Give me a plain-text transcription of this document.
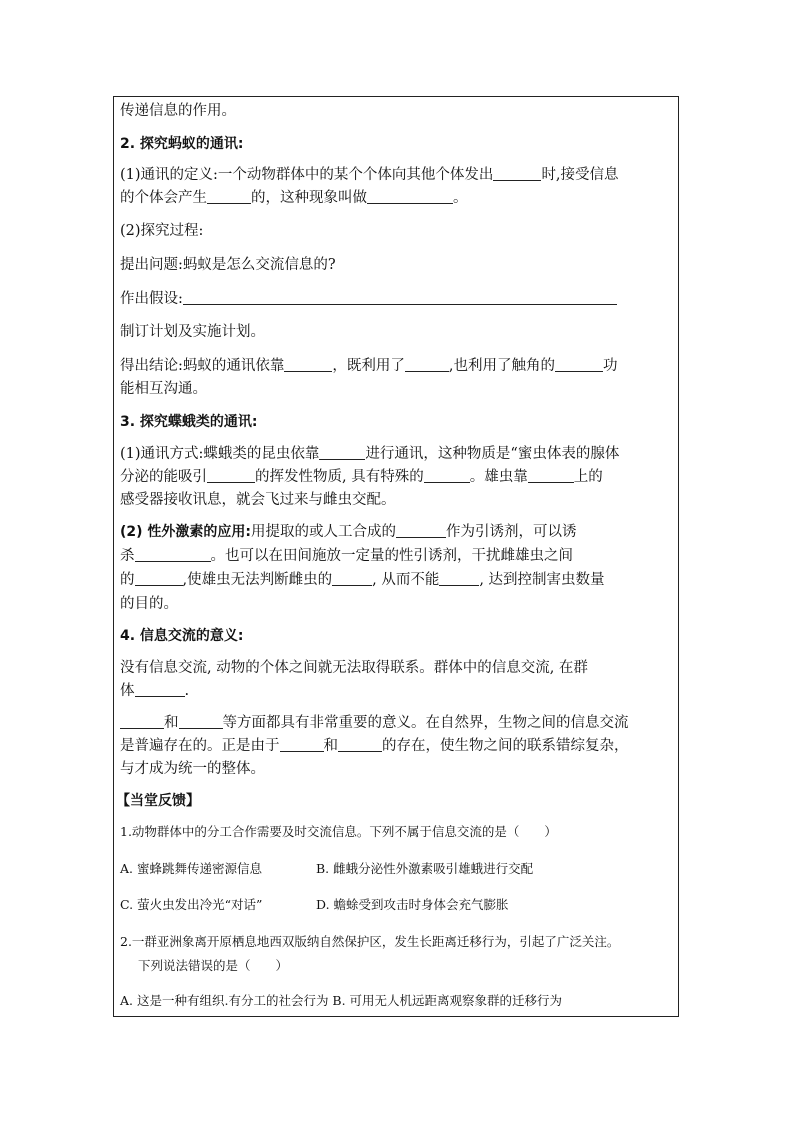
传递信息的作用。
2. 探究蚂蚁的通讯:
(1)通讯的定义:一个动物群体中的某个个体向其他个体发出	时,接受信息
的个体会产生	的，这种现象叫做	。
(2)探究过程:
提出问题:蚂蚁是怎么交流信息的?
作出假设:
制订计划及实施计划。
得出结论:蚂蚁的通讯依靠	，既利用了	,也利用了触角的	功
能相互沟通。
3. 探究蝶蛾类的通讯:
(1)通讯方式:蝶蛾类的昆虫依靠	进行通讯，这种物质是“蜜虫体表的腺体
分泌的能吸引	的挥发性物质, 具有特殊的	。雄虫靠	上的
感受器接收讯息，就会飞过来与雌虫交配。
(2) 性外激素的应用:用提取的或人工合成的	作为引诱剂，可以诱
杀	。也可以在田间施放一定量的性引诱剂，干扰雌雄虫之间
的	,使雄虫无法判断雌虫的	, 从而不能	, 达到控制害虫数量
的目的。
4. 信息交流的意义:
没有信息交流, 动物的个体之间就无法取得联系。群体中的信息交流, 在群
体	.
和	等方面都具有非常重要的意义。在自然界，生物之间的信息交流
是普遍存在的。正是由于	和	的存在，使生物之间的联系错综复杂，
与才成为统一的整体。
【当堂反馈】
1.动物群体中的分工合作需要及时交流信息。下列不属于信息交流的是（　　）
A. 蜜蜂跳舞传递密源信息	B. 雌蛾分泌性外激素吸引雄蛾进行交配
C. 萤火虫发出冷光“对话”	D. 蟾蜍受到攻击时身体会充气膨胀
2.一群亚洲象离开原栖息地西双版纳自然保护区，发生长距离迁移行为，引起了广泛关注。
下列说法错误的是（　　）
A. 这是一种有组织.有分工的社会行为 B. 可用无人机远距离观察象群的迁移行为
